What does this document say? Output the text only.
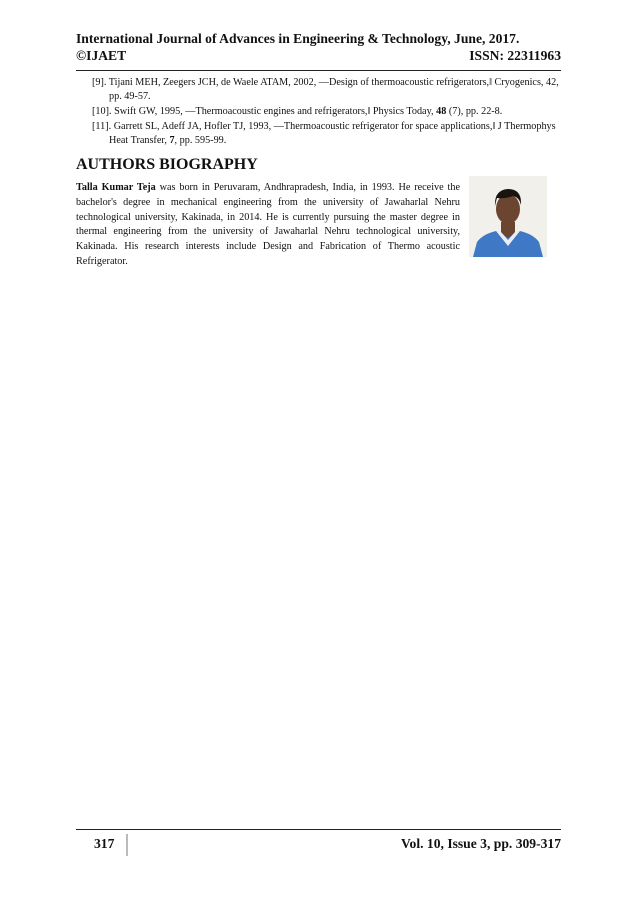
International Journal of Advances in Engineering & Technology, June, 2017.
©IJAET	ISSN: 22311963

[9]. Tijani MEH, Zeegers JCH, de Waele ATAM, 2002, ―Design of thermoacoustic refrigerators,‖ Cryogenics, 42, pp. 49-57.

[10]. Swift GW, 1995, ―Thermoacoustic engines and refrigerators,‖ Physics Today, 48 (7), pp. 22-8.

[11]. Garrett SL, Adeff JA, Hofler TJ, 1993, ―Thermoacoustic refrigerator for space applications,‖ J Thermophys Heat Transfer, 7, pp. 595-99.

AUTHORS BIOGRAPHY
Talla Kumar Teja was born in Peruvaram, Andhrapradesh, India, in 1993. He receive the bachelor's degree in mechanical engineering from the university of Jawaharlal Nehru technological university, Kakinada, in 2014. He is currently pursuing the master degree in thermal engineering from the university of Jawaharlal Nehru technological university, Kakinada. His research interests include Design and Fabrication of Thermo acoustic Refrigerator.
317	Vol. 10, Issue 3, pp. 309-317
